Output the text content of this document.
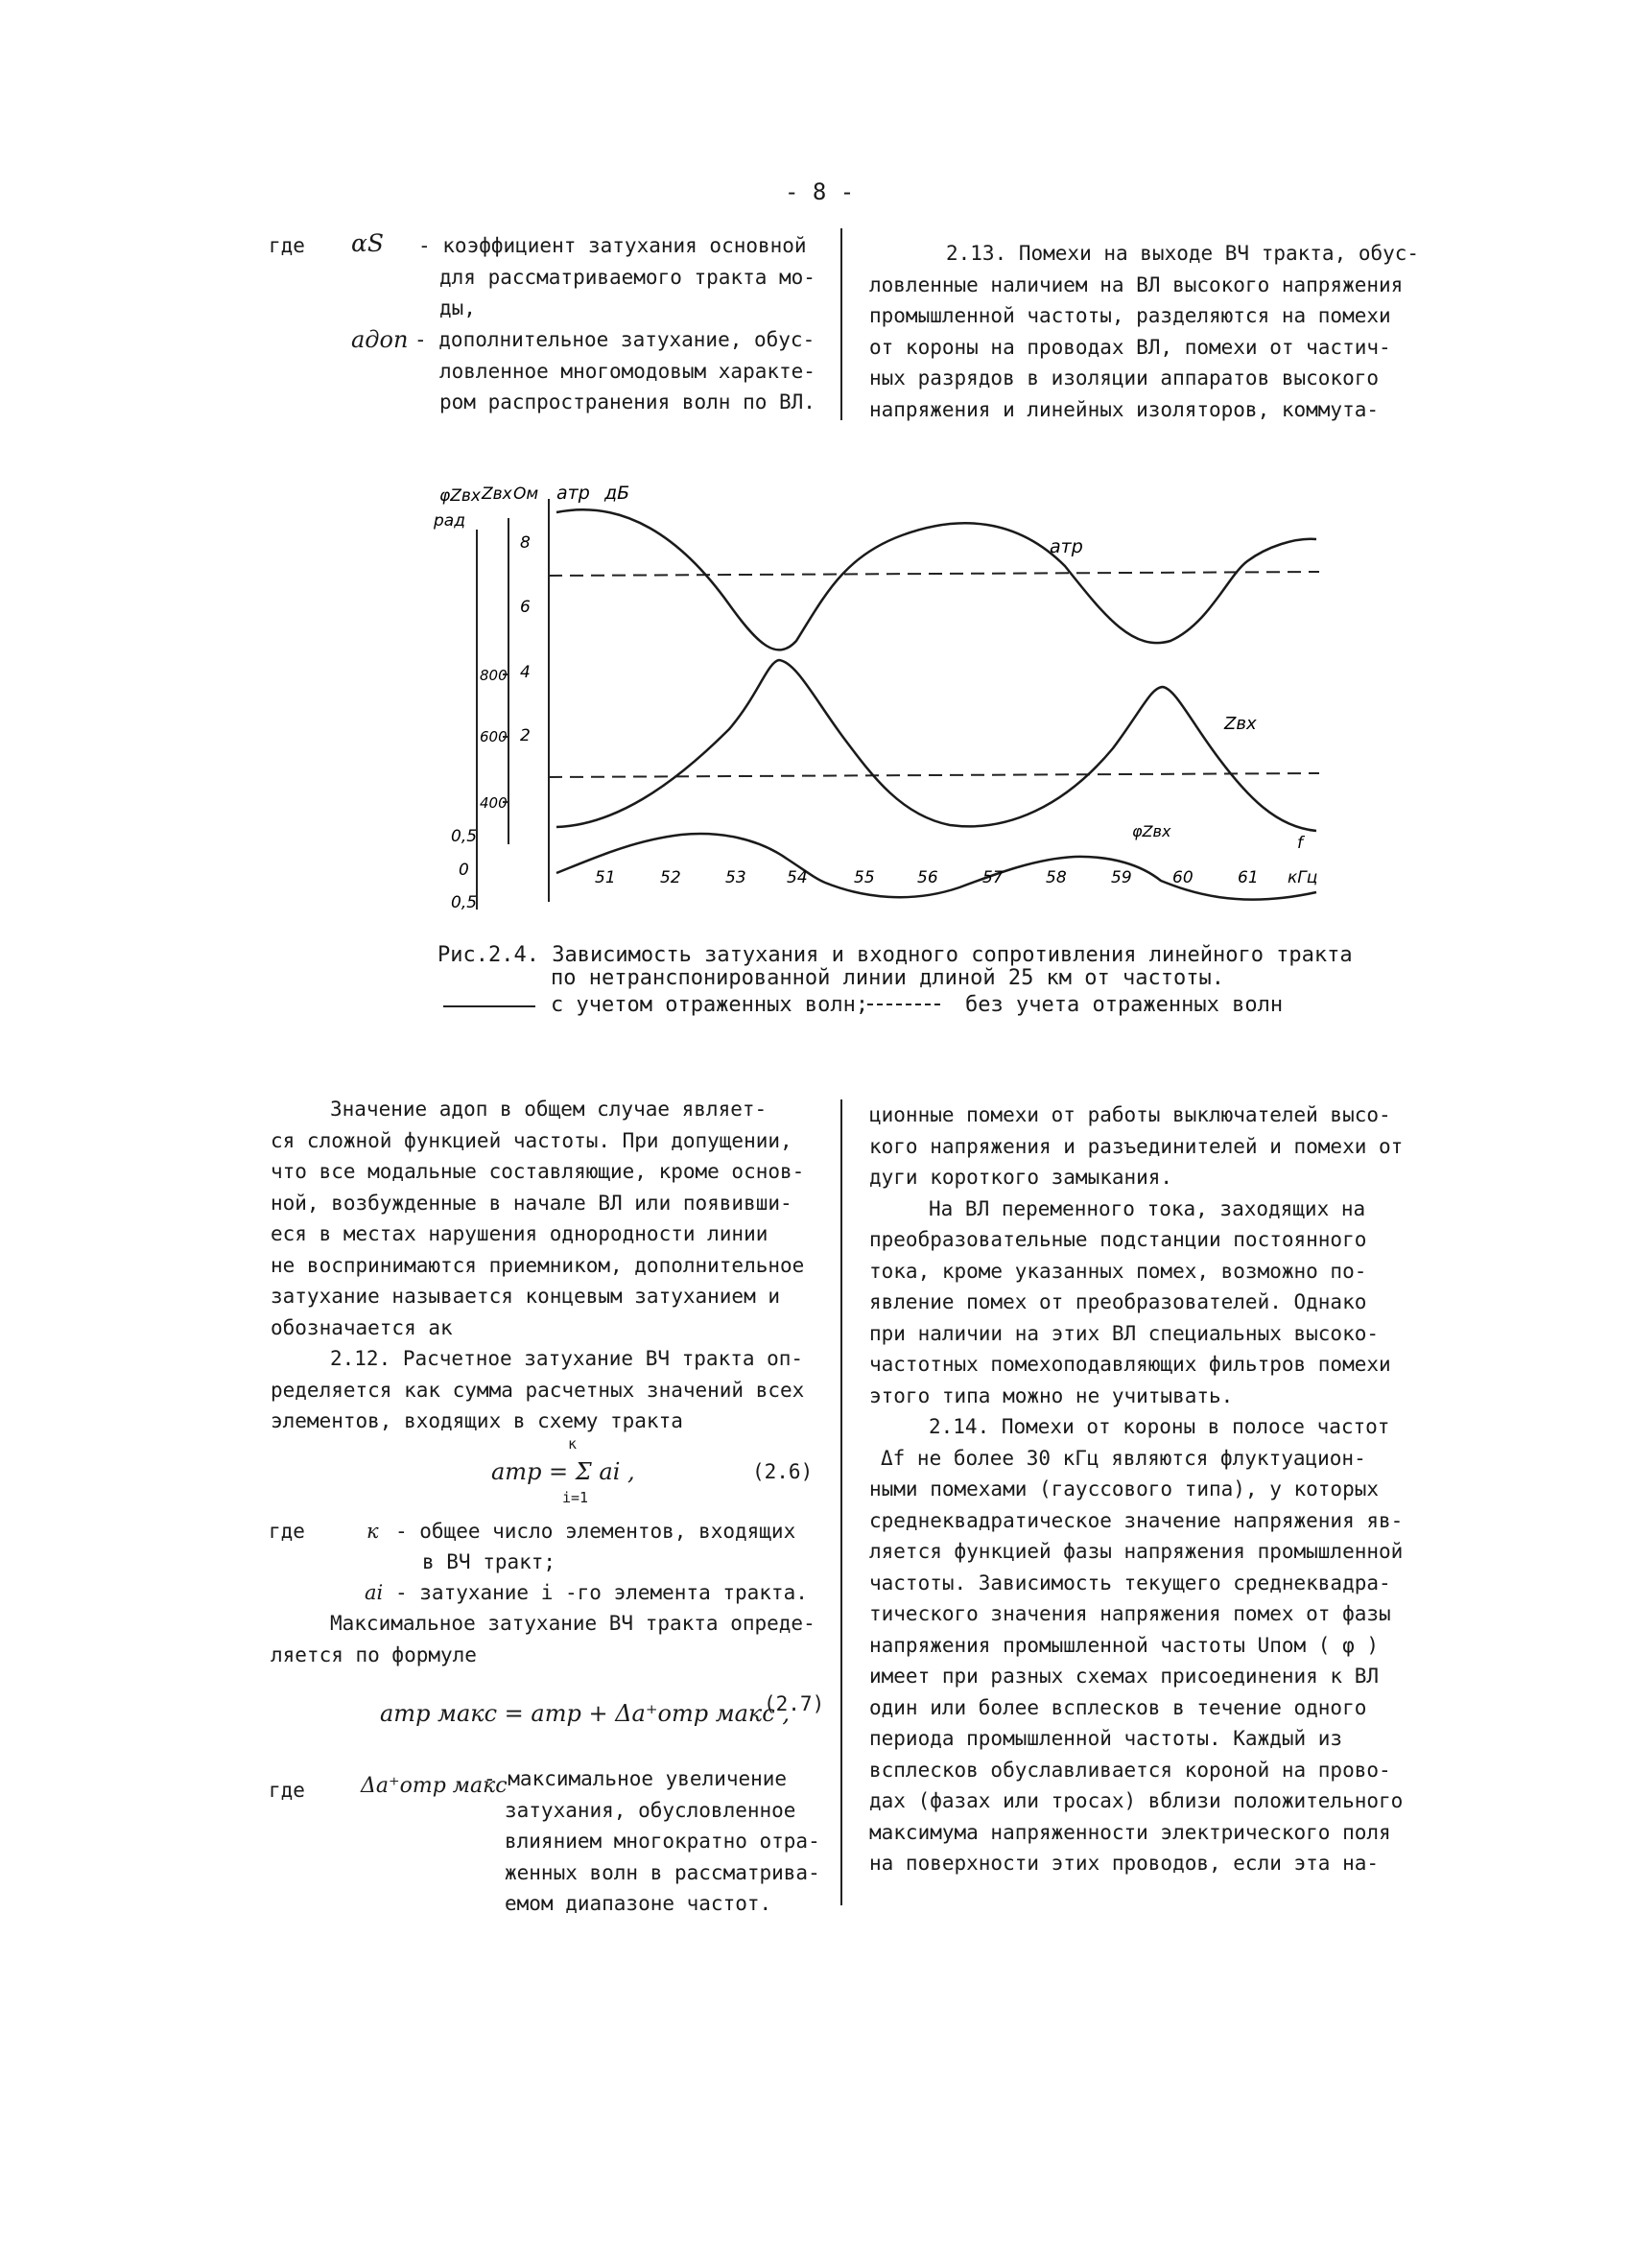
- 8 -
где αS - коэффициент затухания основной
для рассматриваемого тракта мо-
ды,
aдоп - дополнительное затухание, обус-
ловленное многомодовым характе-
ром распространения волн по ВЛ.
2.13. Помехи на выходе ВЧ тракта, обус-
ловленные наличием на ВЛ высокого напряжения
промышленной частоты, разделяются на помехи
от короны на проводах ВЛ, помехи от частич-
ных разрядов в изоляции аппаратов высокого
напряжения и линейных изоляторов, коммута-
φZвх
рад
Zвх Ом aтр дБ
8
6
4
2
800
600
400
0,5
0
0,5
aтр
Zвх
φZвх
f
51	52	53 54	55	56	57	58	59 60	61 кГц
Рис.2.4. Зависимость затухания и входного сопротивления линейного тракта
по нетранспонированной линии длиной 25 км от частоты.
с учетом отраженных волн;	без учета отраженных волн
Значение aдоп в общем случае являет-
ся сложной функцией частоты. При допущении,
что все модальные составляющие, кроме основ-
ной, возбужденные в начале ВЛ или появивши-
еся в местах нарушения однородности линии
не воспринимаются приемником, дополнительное
затухание называется концевым затуханием и
обозначается aк
2.12. Расчетное затухание ВЧ тракта оп-
ределяется как сумма расчетных значений всех
элементов, входящих в схему тракта
aтр = Σ aі ,
к
і=1
(2.6)
где	к - общее число элементов, входящих
в ВЧ тракт;
aі - затухание і -го элемента тракта.
Максимальное затухание ВЧ тракта опреде-
ляется по формуле
aтр макс = aтр + Δa⁺отр макс ,
(2.7)
где	Δa⁺отр макс
- максимальное увеличение
затухания, обусловленное
влиянием многократно отра-
женных волн в рассматрива-
емом диапазоне частот.
ционные помехи от работы выключателей высо-
кого напряжения и разъединителей и помехи от
дуги короткого замыкания.
На ВЛ переменного тока, заходящих на
преобразовательные подстанции постоянного
тока, кроме указанных помех, возможно по-
явление помех от преобразователей. Однако
при наличии на этих ВЛ специальных высоко-
частотных помехоподавляющих фильтров помехи
этого типа можно не учитывать.
2.14. Помехи от короны в полосе частот
Δf не более 30 кГц являются флуктуацион-
ными помехами (гауссового типа), у которых
среднеквадратическое значение напряжения яв-
ляется функцией фазы напряжения промышленной
частоты. Зависимость текущего среднеквадра-
тического значения напряжения помех от фазы
напряжения промышленной частоты Uпом ( φ )
имеет при разных схемах присоединения к ВЛ
один или более всплесков в течение одного
периода промышленной частоты. Каждый из
всплесков обуславливается короной на прово-
дах (фазах или тросах) вблизи положительного
максимума напряженности электрического поля
на поверхности этих проводов, если эта на-
